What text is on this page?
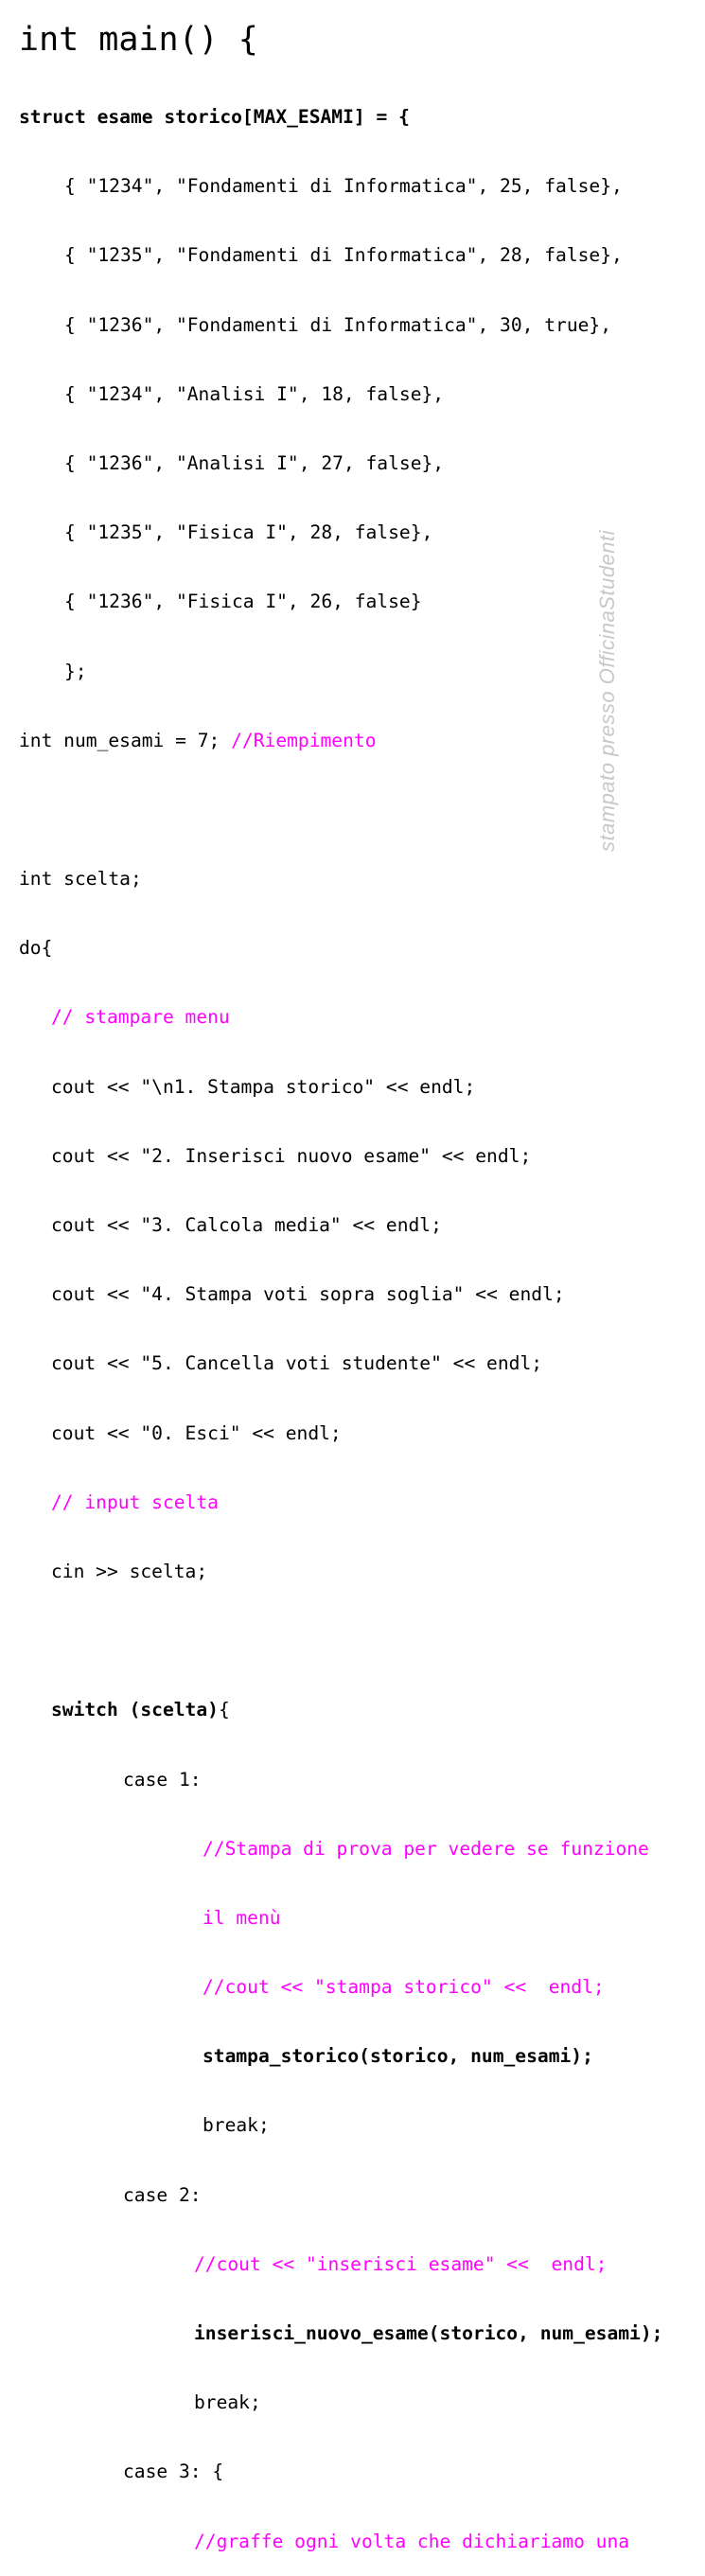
int main() {

struct esame storico[MAX_ESAMI] = {

{ "1234", "Fondamenti di Informatica", 25, false},

{ "1235", "Fondamenti di Informatica", 28, false},

{ "1236", "Fondamenti di Informatica", 30, true},

{ "1234", "Analisi I", 18, false},

{ "1236", "Analisi I", 27, false},

{ "1235", "Fisica I", 28, false},

{ "1236", "Fisica I", 26, false}

};

int num_esami = 7; //Riempimento

int scelta;

do{

// stampare menu

cout << "\n1. Stampa storico" << endl;

cout << "2. Inserisci nuovo esame" << endl;

cout << "3. Calcola media" << endl;

cout << "4. Stampa voti sopra soglia" << endl;

cout << "5. Cancella voti studente" << endl;

cout << "0. Esci" << endl;

// input scelta

cin >> scelta;

switch (scelta){

case 1:

//Stampa di prova per vedere se funzione

il menù

//cout << "stampa storico" <<  endl;

stampa_storico(storico, num_esami);

break;

case 2:

//cout << "inserisci esame" <<  endl;

inserisci_nuovo_esame(storico, num_esami);

break;

case 3: {

//graffe ogni volta che dichiariamo una

stampato presso OfficinaStudenti
